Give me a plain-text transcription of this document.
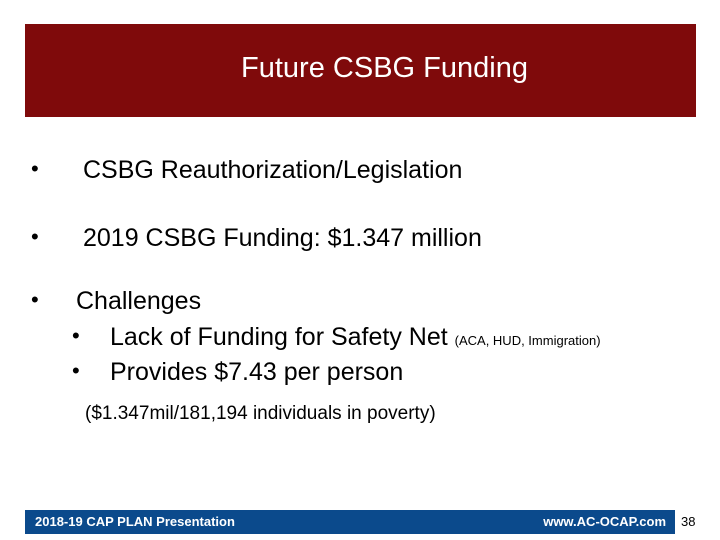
Future CSBG Funding
• CSBG Reauthorization/Legislation
• 2019 CSBG Funding: $1.347 million
• Challenges
• Lack of Funding for Safety Net (ACA, HUD, Immigration)
• Provides $7.43 per person
($1.347mil/181,194 individuals in poverty)
2018-19 CAP PLAN Presentation	www.AC-OCAP.com 38
